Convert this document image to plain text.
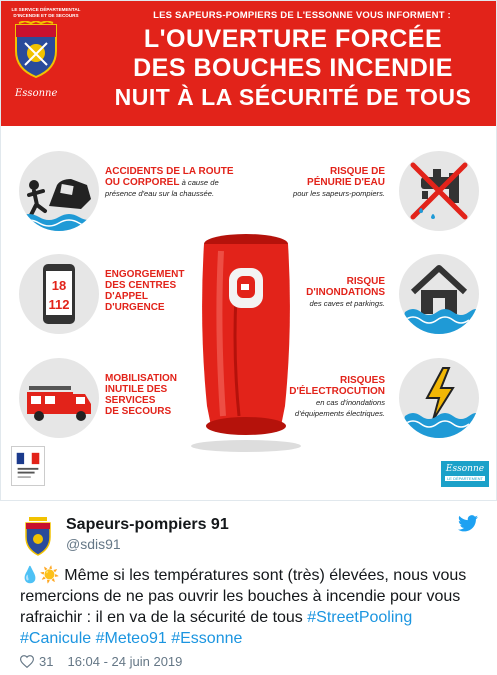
LE SERVICE DÉPARTEMENTAL
D'INCENDIE ET DE SECOURS
Essonne
LES SAPEURS-POMPIERS DE L'ESSONNE VOUS INFORMENT :
L'OUVERTURE FORCÉE
DES BOUCHES INCENDIE
NUIT À LA SÉCURITÉ DE TOUS
18
112
ACCIDENTS DE LA ROUTE
OU CORPOREL à cause de
présence d'eau sur la chaussée.
ENGORGEMENT
DES CENTRES
D'APPEL
D'URGENCE
MOBILISATION
INUTILE DES
SERVICES
DE SECOURS
RISQUE DE
PÉNURIE D'EAU
pour les sapeurs-pompiers.
RISQUE
D'INONDATIONS
des caves et parkings.
RISQUES
D'ÉLECTROCUTION
en cas d'inondations
d'équipements électriques.
Essonne
LE DÉPARTEMENT
Sapeurs-pompiers 91
@sdis91
💧☀️ Même si les températures sont (très) élevées, nous vous remercions de ne pas ouvrir les bouches à incendie pour vous rafraichir : il en va de la sécurité de tous #StreetPooling
#Canicule #Meteo91 #Essonne
31 16:04 - 24 juin 2019
